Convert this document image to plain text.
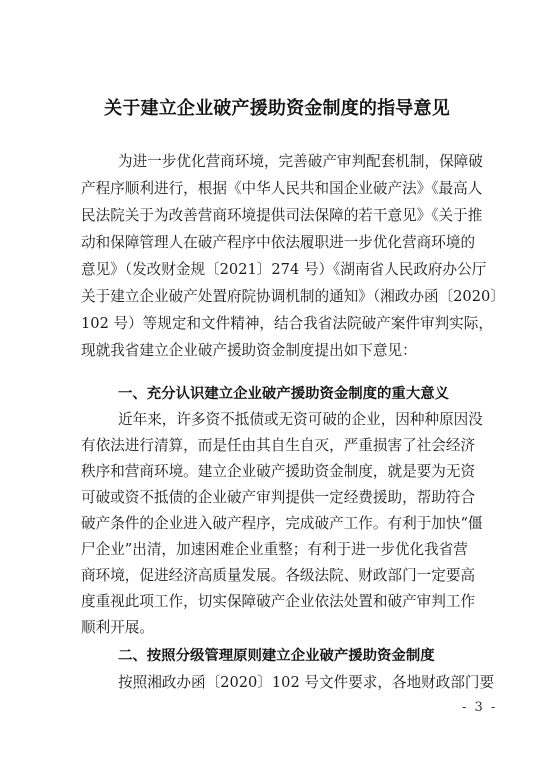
关于建立企业破产援助资金制度的指导意见
为进一步优化营商环境，完善破产审判配套机制，保障破
产程序顺利进行，根据《中华人民共和国企业破产法》《最高人
民法院关于为改善营商环境提供司法保障的若干意见》《关于推
动和保障管理人在破产程序中依法履职进一步优化营商环境的
意见》（发改财金规〔2021〕274 号）《湖南省人民政府办公厅
关于建立企业破产处置府院协调机制的通知》（湘政办函〔2020〕
102 号）等规定和文件精神，结合我省法院破产案件审判实际，
现就我省建立企业破产援助资金制度提出如下意见：
一、充分认识建立企业破产援助资金制度的重大意义
近年来，许多资不抵债或无资可破的企业，因种种原因没
有依法进行清算，而是任由其自生自灭，严重损害了社会经济
秩序和营商环境。建立企业破产援助资金制度，就是要为无资
可破或资不抵债的企业破产审判提供一定经费援助，帮助符合
破产条件的企业进入破产程序，完成破产工作。有利于加快“僵
尸企业”出清，加速困难企业重整；有利于进一步优化我省营
商环境，促进经济高质量发展。各级法院、财政部门一定要高
度重视此项工作，切实保障破产企业依法处置和破产审判工作
顺利开展。
- 3 -
二、按照分级管理原则建立企业破产援助资金制度
按照湘政办函〔2020〕102 号文件要求，各地财政部门要
